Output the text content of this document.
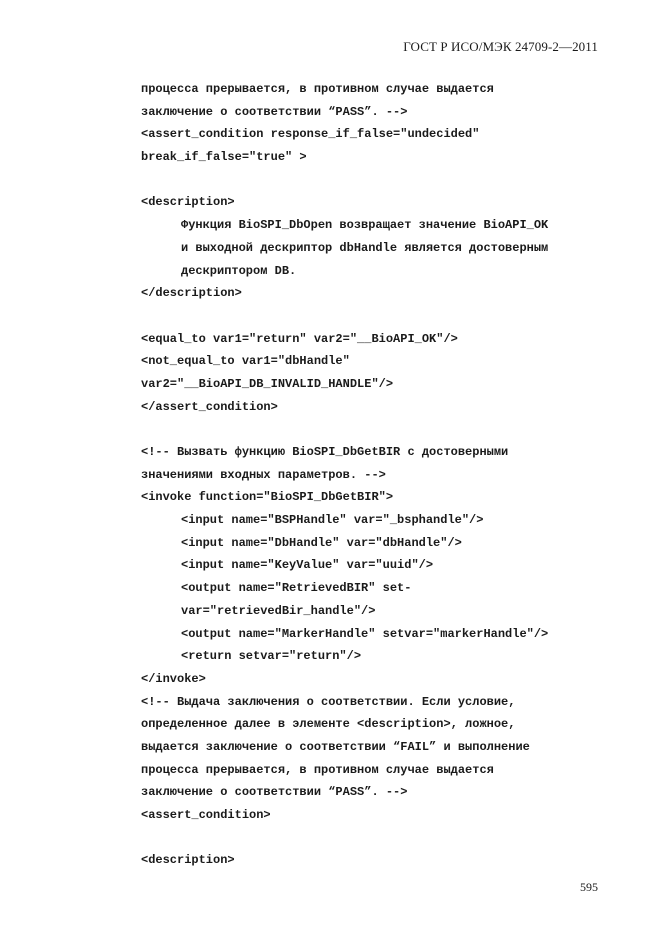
ГОСТ Р ИСО/МЭК 24709-2—2011
процесса прерывается, в противном случае выдается
заключение о соответствии “PASS”. -->
<assert_condition response_if_false="undecided"
break_if_false="true" >
<description>
Функция BioSPI_DbOpen возвращает значение BioAPI_OK
и выходной дескриптор dbHandle является достоверным
дескриптором DB.
</description>
<equal_to var1="return" var2="__BioAPI_OK"/>
<not_equal_to var1="dbHandle"
var2="__BioAPI_DB_INVALID_HANDLE"/>
</assert_condition>
<!-- Вызвать функцию BioSPI_DbGetBIR с достоверными
значениями входных параметров. -->
<invoke function="BioSPI_DbGetBIR">
<input name="BSPHandle" var="_bsphandle"/>
<input name="DbHandle" var="dbHandle"/>
<input name="KeyValue" var="uuid"/>
<output name="RetrievedBIR" set-
var="retrievedBir_handle"/>
<output name="MarkerHandle" setvar="markerHandle"/>
<return setvar="return"/>
</invoke>
<!-- Выдача заключения о соответствии. Если условие,
определенное далее в элементе <description>, ложное,
выдается заключение о соответствии “FAIL” и выполнение
процесса прерывается, в противном случае выдается
заключение о соответствии “PASS”. -->
<assert_condition>
<description>
595
